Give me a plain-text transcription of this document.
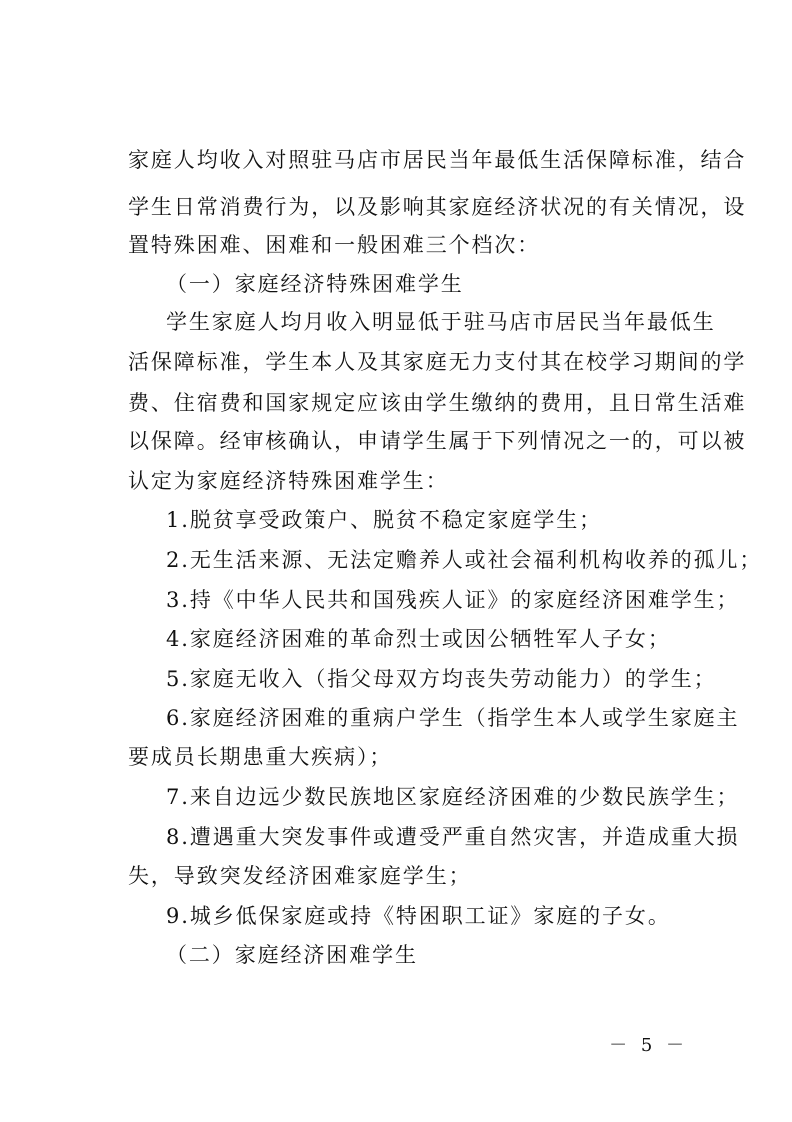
家庭人均收入对照驻马店市居民当年最低生活保障标准，结合
学生日常消费行为，以及影响其家庭经济状况的有关情况，设
置特殊困难、困难和一般困难三个档次：
（一）家庭经济特殊困难学生
学生家庭人均月收入明显低于驻马店市居民当年最低生
活保障标准，学生本人及其家庭无力支付其在校学习期间的学
费、住宿费和国家规定应该由学生缴纳的费用，且日常生活难
以保障。经审核确认，申请学生属于下列情况之一的，可以被
认定为家庭经济特殊困难学生：
1.脱贫享受政策户、脱贫不稳定家庭学生；
2.无生活来源、无法定赡养人或社会福利机构收养的孤儿；
3.持《中华人民共和国残疾人证》的家庭经济困难学生；
4.家庭经济困难的革命烈士或因公牺牲军人子女；
5.家庭无收入（指父母双方均丧失劳动能力）的学生；
6.家庭经济困难的重病户学生（指学生本人或学生家庭主
要成员长期患重大疾病）；
7.来自边远少数民族地区家庭经济困难的少数民族学生；
8.遭遇重大突发事件或遭受严重自然灾害，并造成重大损
失，导致突发经济困难家庭学生；
9.城乡低保家庭或持《特困职工证》家庭的子女。
（二）家庭经济困难学生
－ 5 －
